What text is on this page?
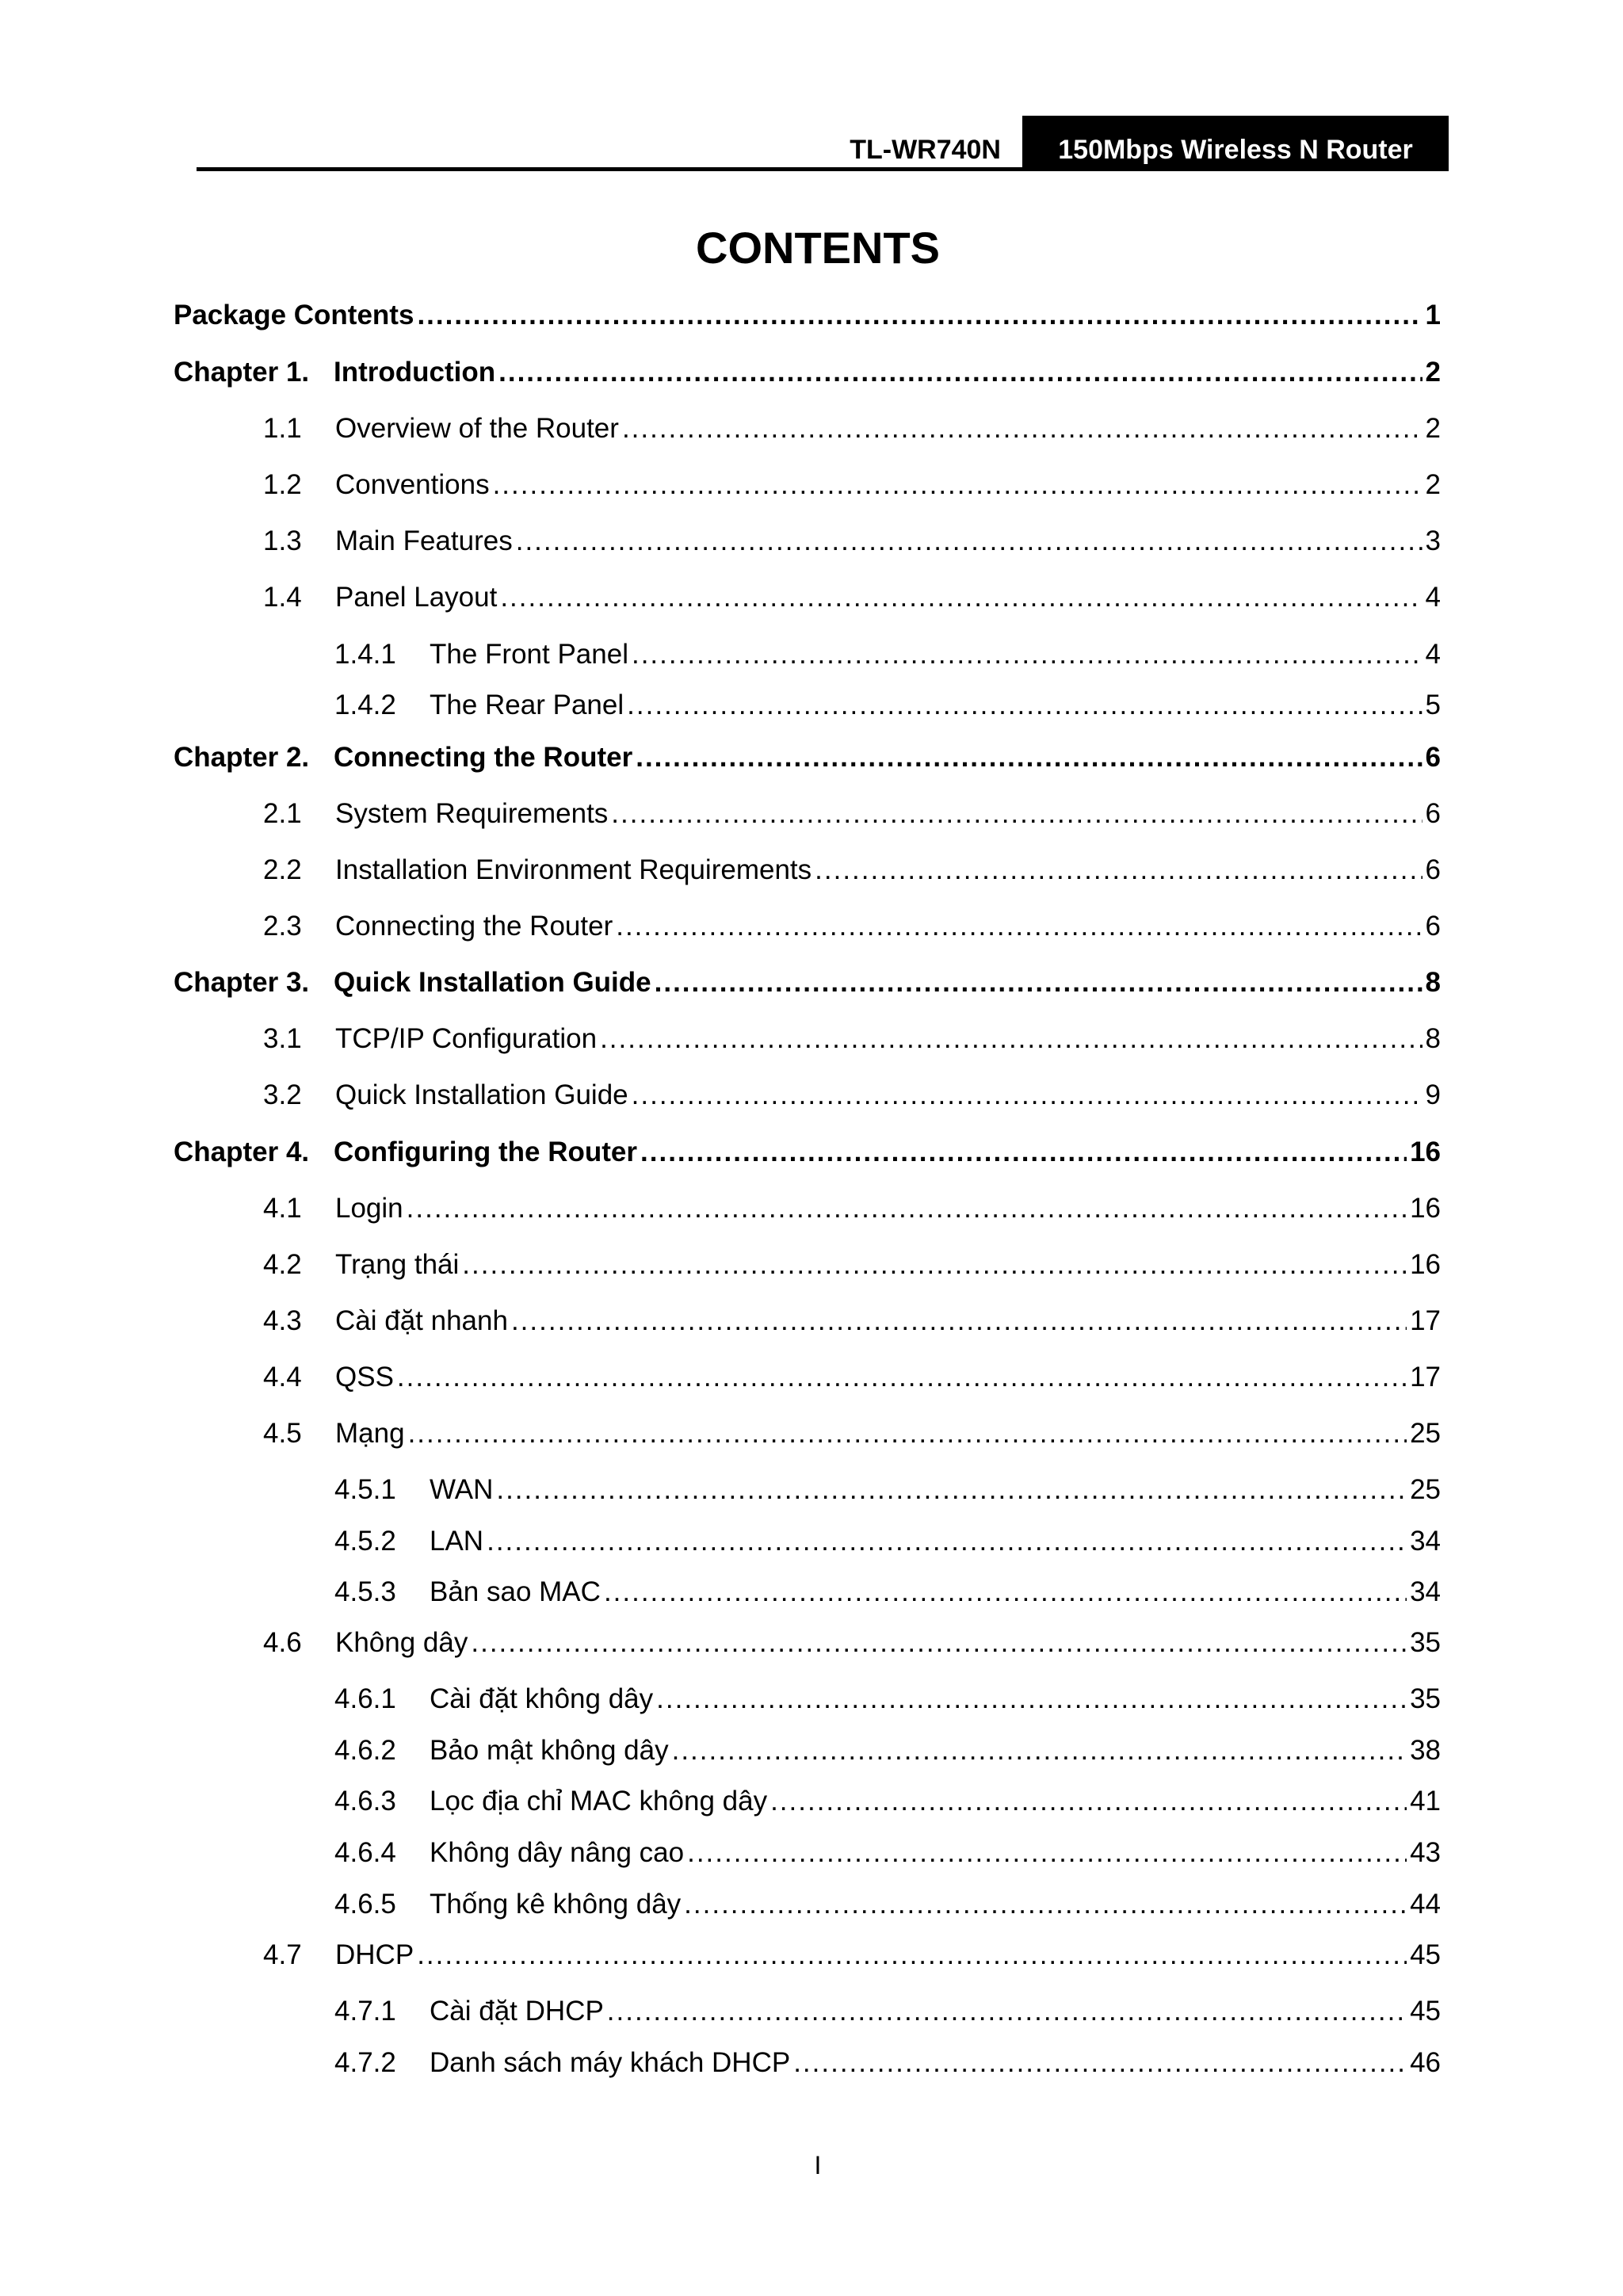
TL-WR740N	150Mbps Wireless N Router
CONTENTS
Package Contents .....	1
Chapter 1. Introduction .....	2
1.1	Overview of the Router .....	2
1.2	Conventions .....	2
1.3	Main Features .....	3
1.4	Panel Layout .....	4
1.4.1	The Front Panel .....	4
1.4.2	The Rear Panel .....	5
Chapter 2. Connecting the Router .....	6
2.1	System Requirements .....	6
2.2	Installation Environment Requirements .....	6
2.3	Connecting the Router .....	6
Chapter 3. Quick Installation Guide .....	8
3.1	TCP/IP Configuration .....	8
3.2	Quick Installation Guide .....	9
Chapter 4. Configuring the Router .....	16
4.1	Login .....	16
4.2	Trạng thái .....	16
4.3	Cài đặt nhanh .....	17
4.4	QSS .....	17
4.5	Mạng .....	25
4.5.1	WAN .....	25
4.5.2	LAN .....	34
4.5.3	Bản sao MAC .....	34
4.6	Không dây .....	35
4.6.1	Cài đặt không dây .....	35
4.6.2	Bảo mật không dây .....	38
4.6.3	Lọc địa chỉ MAC không dây .....	41
4.6.4	Không dây nâng cao .....	43
4.6.5	Thống kê không dây .....	44
4.7	DHCP .....	45
4.7.1	Cài đặt DHCP .....	45
4.7.2	Danh sách máy khách DHCP .....	46
I
